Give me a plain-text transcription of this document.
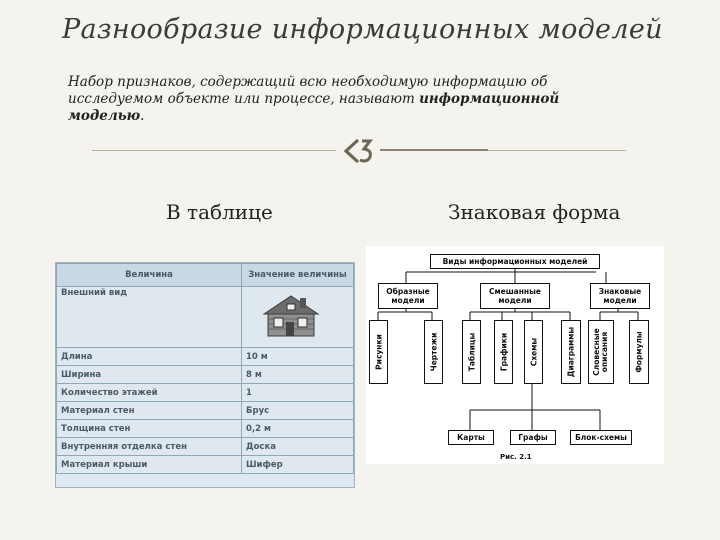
Разнообразие информационных моделей
Набор признаков, содержащий всю необходимую информацию об исследуемом объекте или процессе, называют информационной моделью.
В таблице	Знаковая форма
Величина	Значение величины
Внешний вид	

Длина	10 м
Ширина	8 м
Количество этажей	1
Материал стен	Брус
Толщина стен	0,2 м
Внутренняя отделка стен	Доска
Материал крыши	Шифер
Виды информационных моделей
Образные модели
Смешанные модели
Знаковые модели
Рисунки	Чертежи	Таблицы	Графики	Схемы	Диаграммы Словесные описания	Формулы
Карты	Графы	Блок-схемы
Рис. 2.1
